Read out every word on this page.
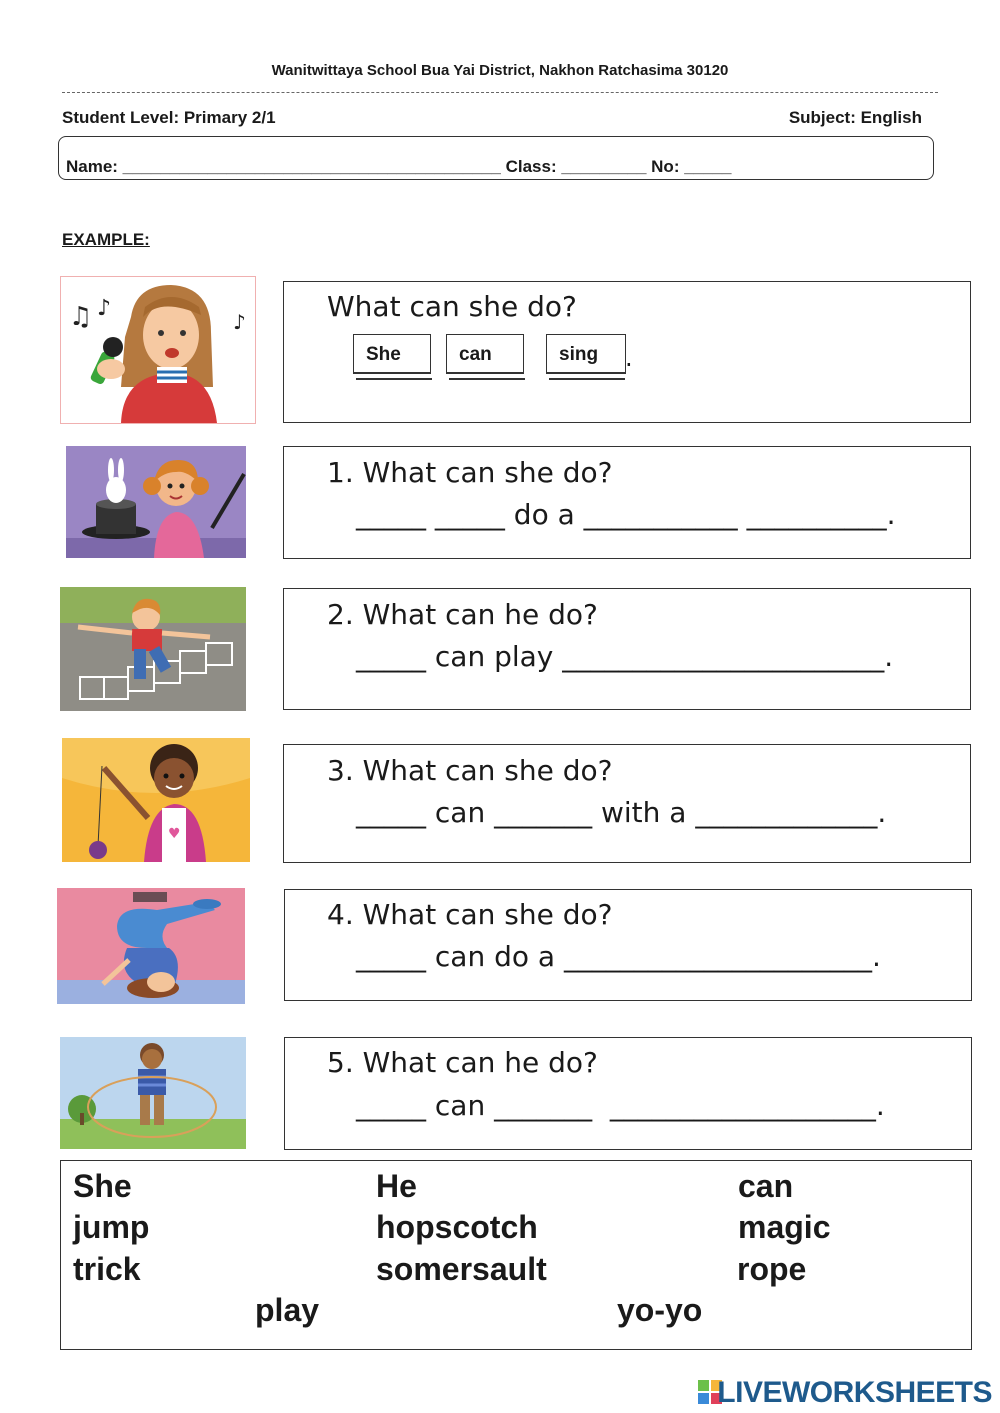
Wanitwittaya School Bua Yai District, Nakhon Ratchasima 30120
Student Level: Primary 2/1	Subject: English
Name: ________________________________________ Class: _________ No: _____
EXAMPLE:
♫ ♪
♪	What can she do?
She	can	sing	.
1. What can she do?
_____ _____ do a ___________ __________.
2. What can he do?
_____ can play _______________________.
♥
3. What can she do?
_____ can _______ with a _____________.
4. What can she do?
_____ can do a ______________________.
5. What can he do?
_____ can _______  ___________________.
She	He	can
jump	hopscotch	magic
trick	somersault	rope
play	yo-yo
LIVEWORKSHEETS
